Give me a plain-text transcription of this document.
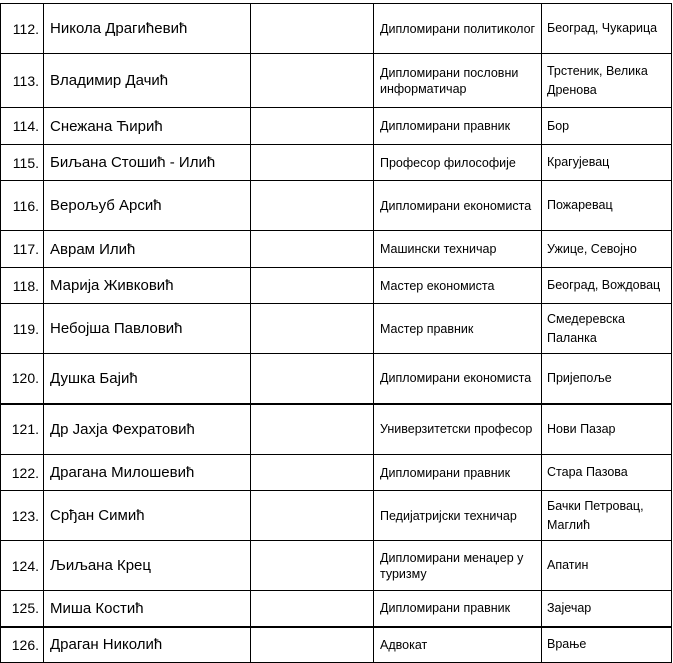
112.	Никола Драгићевић		Дипломирани политиколог	Београд, Чукарица
113.	Владимир Дачић		Дипломирани пословни информатичар	Трстеник, Велика Дренова
114.	Снежана Ћирић		Дипломирани правник	Бор
115.	Биљана Стошић - Илић		Професор философије	Крагујевац
116.	Верољуб Арсић		Дипломирани економиста	Пожаревац
117.	Аврам Илић		Машински техничар	Ужице, Севојно
118.	Марија Живковић		Мастер економиста	Београд, Вождовац
119.	Небојша Павловић		Мастер правник	Смедеревска Паланка
120.	Душка Бајић		Дипломирани економиста	Пријепоље
121.	Др Јахја Фехратовић		Универзитетски професор	Нови Пазар
122.	Драгана Милошевић		Дипломирани правник	Стара Пазова
123.	Срђан Симић		Педијатријски техничар	Бачки Петровац, Маглић
124.	Љиљана Крец		Дипломирани менаџер у туризму	Апатин
125.	Миша Костић		Дипломирани правник	Зајечар
126.	Драган Николић		Адвокат	Врање
